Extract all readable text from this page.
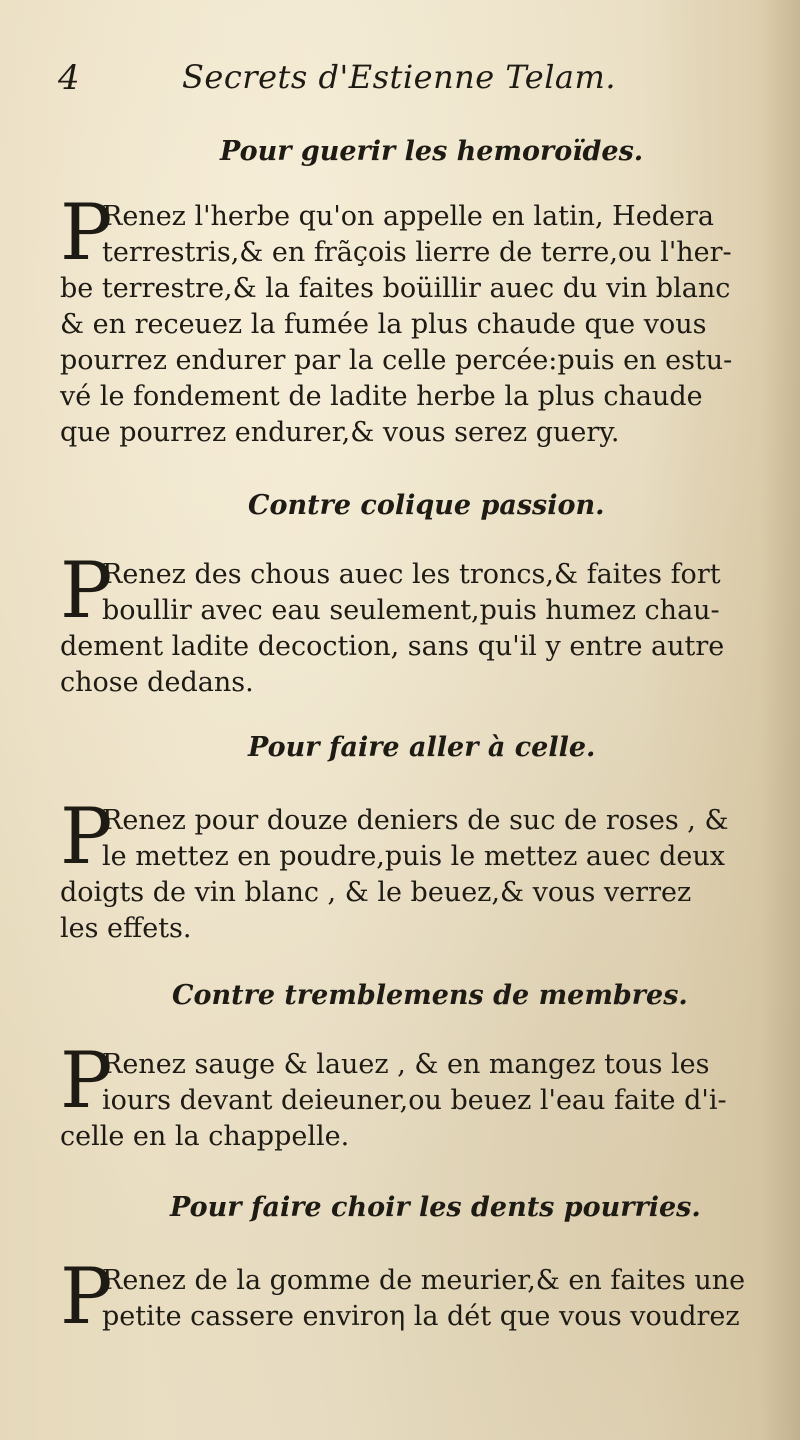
4	Secrets d'Estienne Telam.
Pour guerir les hemoroïdes.
P
Renez l'herbe qu'on appelle en latin, Hedera
terrestris,& en frãçois lierre de terre,ou l'her-
be terrestre,& la faites boüillir auec du vin blanc
& en receuez la fumée la plus chaude que vous
pourrez endurer par la celle percée:puis en estu-
vé le fondement de ladite herbe la plus chaude
que pourrez endurer,& vous serez guery.
Contre colique passion.
P
Renez des chous auec les troncs,& faites fort
boullir avec eau seulement,puis humez chau-
dement ladite decoction, sans qu'il y entre autre
chose dedans.
Pour faire aller à celle.
P
Renez pour douze deniers de suc de roses , &
le mettez en poudre,puis le mettez auec deux
doigts de vin blanc , & le beuez,& vous verrez
les effets.
Contre tremblemens de membres.
P
Renez sauge & lauez , & en mangez tous les
iours devant deieuner,ou beuez l'eau faite d'i-
celle en la chappelle.
Pour faire choir les dents pourries.
P
Renez de la gomme de meurier,& en faites une
petite casserе enviroη la dét que vous voudrez
